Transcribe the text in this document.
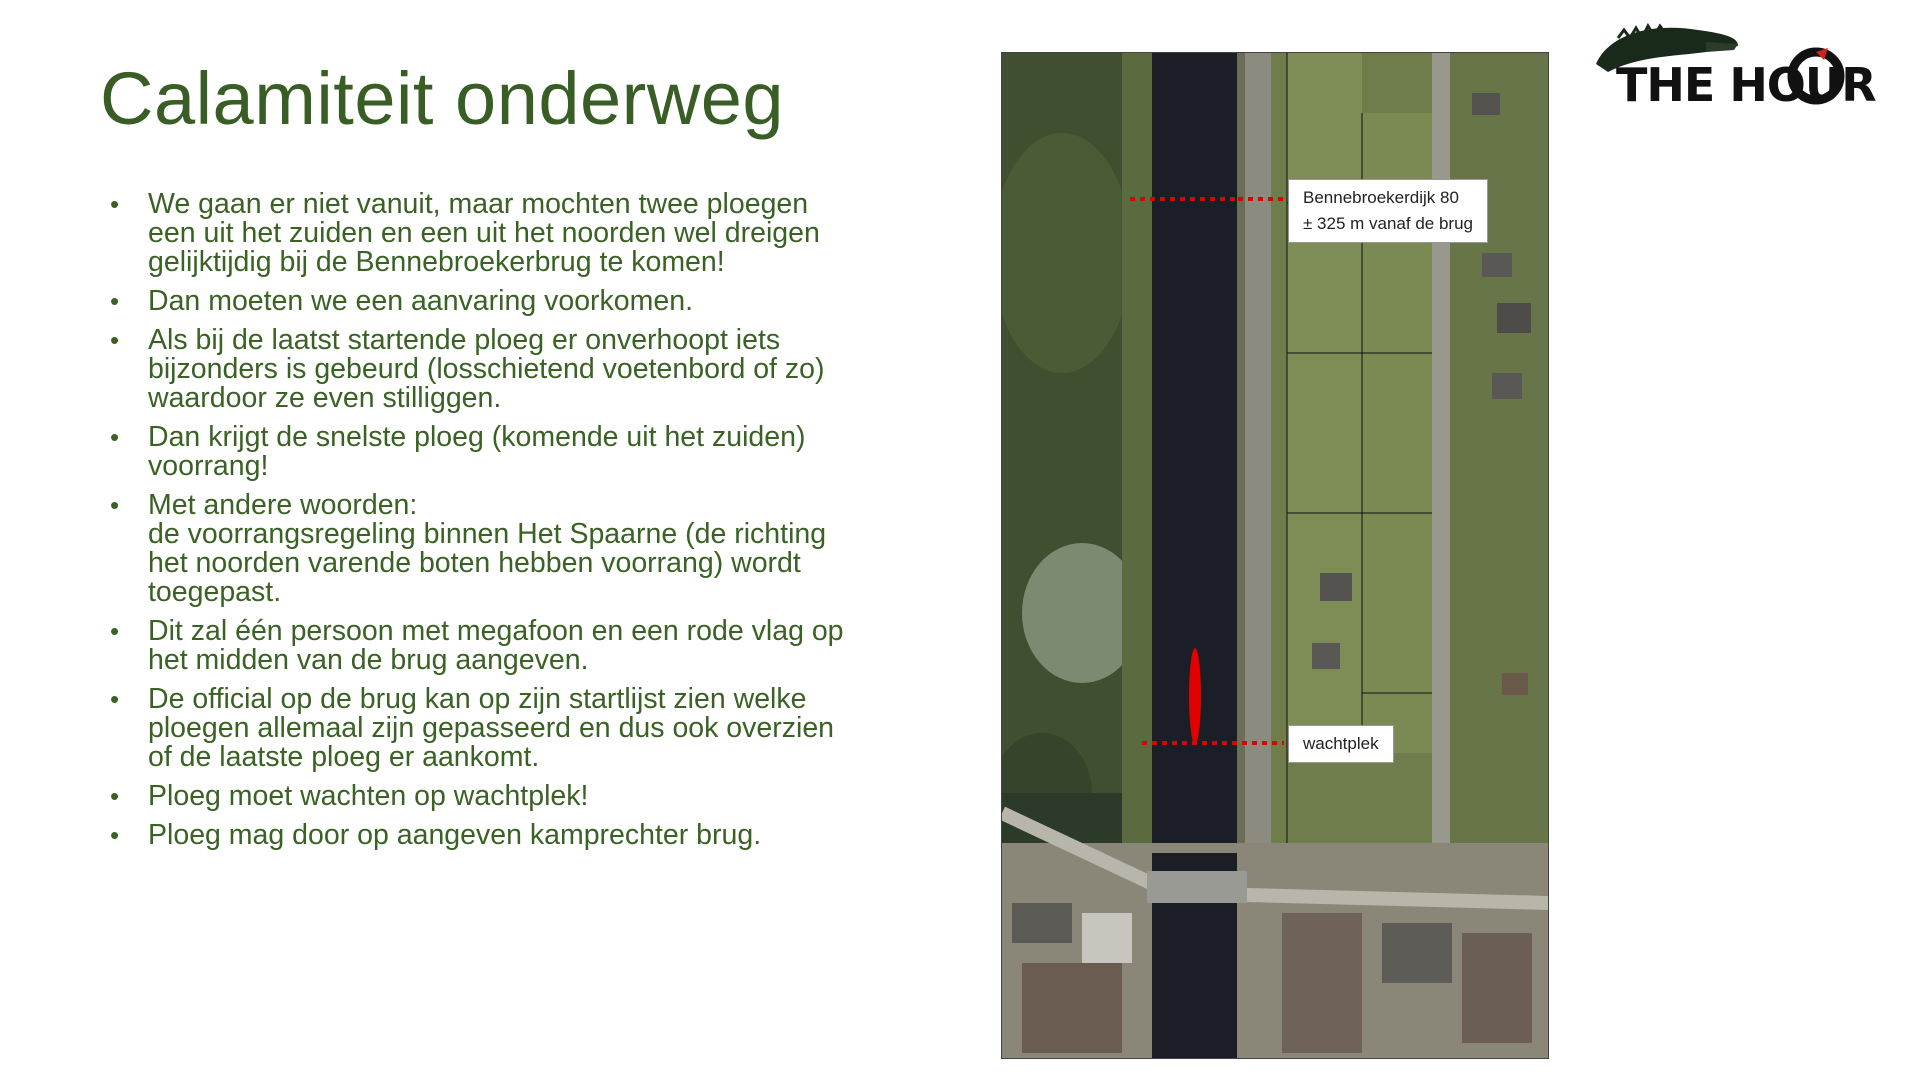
Calamiteit onderweg
• We gaan er niet vanuit, maar mochten twee ploegen
een uit het zuiden en een uit het noorden wel dreigen
gelijktijdig bij de Bennebroekerbrug te komen!
• Dan moeten we een aanvaring voorkomen.
• Als bij de laatst startende ploeg er onverhoopt iets
bijzonders is gebeurd (losschietend voetenbord of zo)
waardoor ze even stilliggen.
• Dan krijgt de snelste ploeg (komende uit het zuiden)
voorrang!
• Met andere woorden:
de voorrangsregeling binnen Het Spaarne (de richting
het noorden varende boten hebben voorrang) wordt
toegepast.
• Dit zal één persoon met megafoon en een rode vlag op
het midden van de brug aangeven.
• De official op de brug kan op zijn startlijst zien welke
ploegen allemaal zijn gepasseerd en dus ook overzien
of de laatste ploeg er aankomt.
• Ploeg moet wachten op wachtplek!
• Ploeg mag door op aangeven kamprechter brug.
Bennebroekerdijk 80
± 325 m vanaf de brug
wachtplek
THE HOUR
